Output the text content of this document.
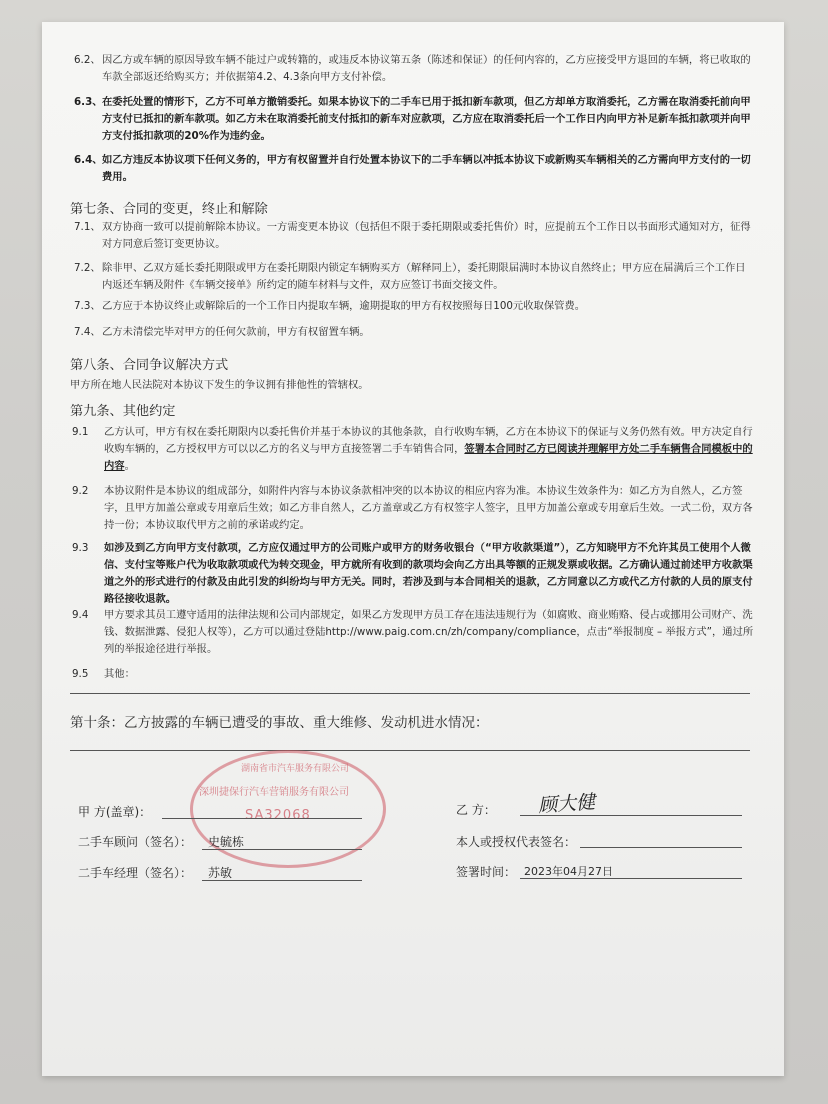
6.2、 因乙方或车辆的原因导致车辆不能过户或转籍的，或违反本协议第五条（陈述和保证）的任何内容的，乙方应接受甲方退回的车辆，将已收取的车款全部返还给购买方；并依据第4.2、4.3条向甲方支付补偿。
6.3、 在委托处置的情形下，乙方不可单方撤销委托。如果本协议下的二手车已用于抵扣新车款项，但乙方却单方取消委托，乙方需在取消委托前向甲方支付已抵扣的新车款项。如乙方未在取消委托前支付抵扣的新车对应款项，乙方应在取消委托后一个工作日内向甲方补足新车抵扣款项并向甲方支付抵扣款项的20%作为违约金。
6.4、 如乙方违反本协议项下任何义务的，甲方有权留置并自行处置本协议下的二手车辆以冲抵本协议下或新购买车辆相关的乙方需向甲方支付的一切费用。
第七条、合同的变更，终止和解除
7.1、 双方协商一致可以提前解除本协议。一方需变更本协议（包括但不限于委托期限或委托售价）时，应提前五个工作日以书面形式通知对方，征得对方同意后签订变更协议。
7.2、 除非甲、乙双方延长委托期限或甲方在委托期限内锁定车辆购买方（解释同上），委托期限届满时本协议自然终止；甲方应在届满后三个工作日内返还车辆及附件《车辆交接单》所约定的随车材料与文件，双方应签订书面交接文件。
7.3、 乙方应于本协议终止或解除后的一个工作日内提取车辆，逾期提取的甲方有权按照每日100元收取保管费。
7.4、 乙方未清偿完毕对甲方的任何欠款前，甲方有权留置车辆。
第八条、合同争议解决方式
甲方所在地人民法院对本协议下发生的争议拥有排他性的管辖权。
第九条、其他约定
9.1 乙方认可，甲方有权在委托期限内以委托售价并基于本协议的其他条款，自行收购车辆，乙方在本协议下的保证与义务仍然有效。甲方决定自行收购车辆的，乙方授权甲方可以以乙方的名义与甲方直接签署二手车销售合同，签署本合同时乙方已阅读并理解甲方处二手车辆售合同模板中的内容。
9.2 本协议附件是本协议的组成部分，如附件内容与本协议条款相冲突的以本协议的相应内容为准。本协议生效条件为：如乙方为自然人，乙方签字，且甲方加盖公章或专用章后生效；如乙方非自然人，乙方盖章或乙方有权签字人签字，且甲方加盖公章或专用章后生效。一式二份，双方各持一份；本协议取代甲方之前的承诺或约定。
9.3 如涉及到乙方向甲方支付款项，乙方应仅通过甲方的公司账户或甲方的财务收银台（“甲方收款渠道”），乙方知晓甲方不允许其员工使用个人微信、支付宝等账户代为收取款项或代为转交现金，甲方就所有收到的款项均会向乙方出具等额的正规发票或收据。乙方确认通过前述甲方收款渠道之外的形式进行的付款及由此引发的纠纷均与甲方无关。同时，若涉及到与本合同相关的退款，乙方同意以乙方或代乙方付款的人员的原支付路径接收退款。
9.4 甲方要求其员工遵守适用的法律法规和公司内部规定，如果乙方发现甲方员工存在违法违规行为（如腐败、商业贿赂、侵占或挪用公司财产、洗钱、数据泄露、侵犯人权等），乙方可以通过登陆http://www.paig.com.cn/zh/company/compliance，点击“举报制度 – 举报方式”，通过所列的举报途径进行举报。
9.5 其他：
第十条：乙方披露的车辆已遭受的事故、重大维修、发动机进水情况：
湖南省市汽车服务有限公司
深圳捷保行汽车营销服务有限公司
SA32068
甲 方(盖章)：
二手车顾问（签名）： 史毓栋
二手车经理（签名）： 苏敏
乙 方： 顾大健
本人或授权代表签名：
签署时间： 2023年04月27日
